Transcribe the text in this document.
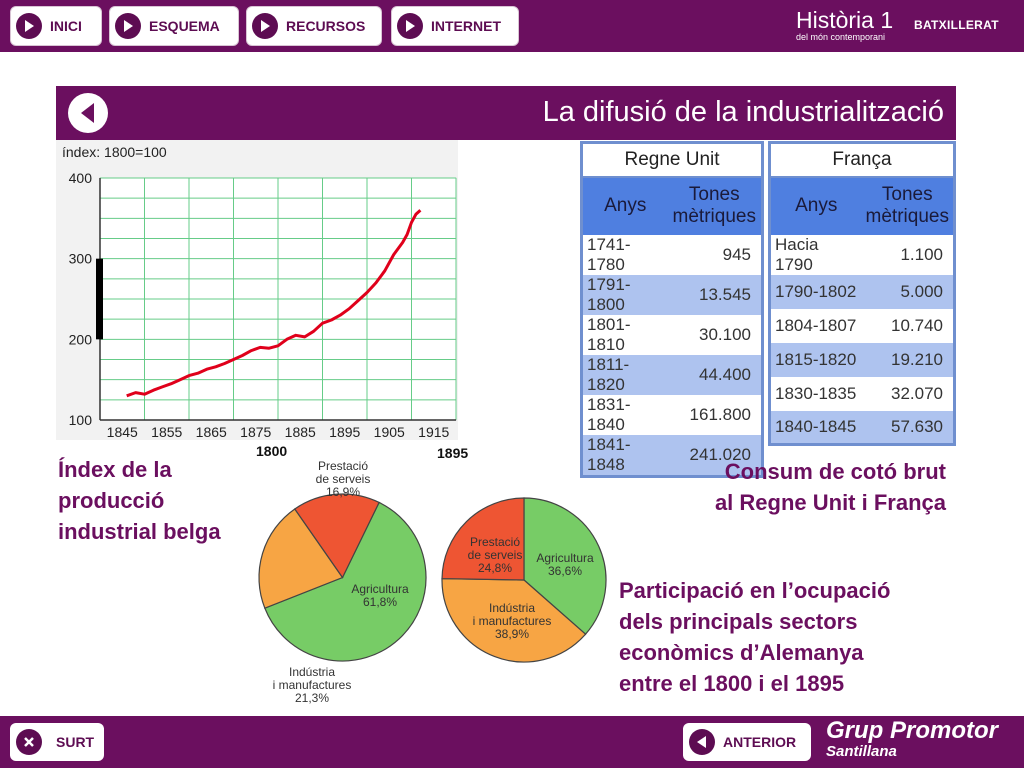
INICI	ESQUEMA	RECURSOS	INTERNET	Història 1 BATXILLERAT
del món contemporani
La difusió de la industrialització
100
200
300
400
1845 1855 1865 1875 1885 1895 1905 1915
índex: 1800=100
1800	1895
Índex de la
producció
industrial belga
Regne Unit	
Anys	Tones
mètriques

1741-1780	945
1791-1800	13.545
1801-1810	30.100
1811-1820	44.400
1831-1840	161.800
1841-1848	241.020
França	
Anys	Tones
mètriques

Hacia 1790	1.100
1790-1802	5.000
1804-1807	10.740
1815-1820	19.210
1830-1835	32.070
1840-1845	57.630
Consum de cotó brut
al Regne Unit i França
Prestació
de serveis
16,9%
Agricultura
61,8%
Indústria
i manufactures
21,3%
Prestació
de serveis
24,8%
Agricultura
36,6%
Indústria
i manufactures
38,9%
Participació en l’ocupació
dels principals sectors
econòmics d’Alemanya
entre el 1800 i el 1895
SURT	ANTERIOR Grup Promotor
Santillana
